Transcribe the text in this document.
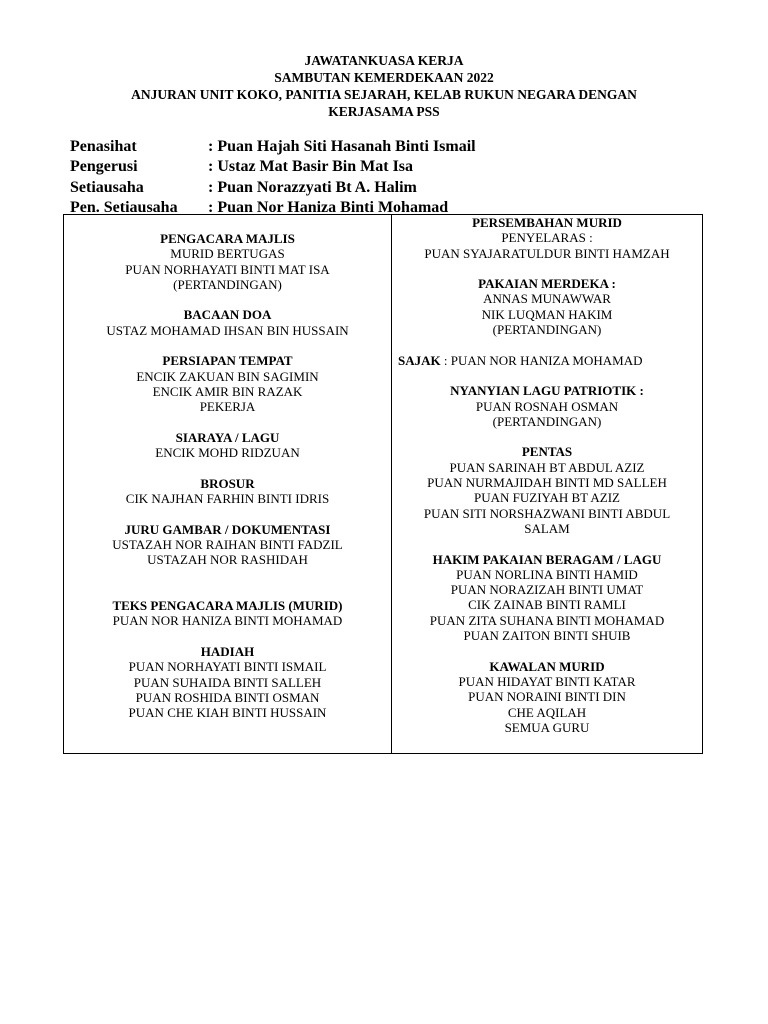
JAWATANKUASA KERJA
SAMBUTAN KEMERDEKAAN 2022
ANJURAN UNIT KOKO, PANITIA SEJARAH, KELAB RUKUN NEGARA DENGAN
KERJASAMA PSS
Penasihat	: Puan Hajah Siti Hasanah Binti Ismail
Pengerusi	: Ustaz Mat Basir Bin Mat Isa
Setiausaha	: Puan Norazzyati Bt A. Halim
Pen. Setiausaha	: Puan Nor Haniza Binti Mohamad
PENGACARA MAJLIS
MURID BERTUGAS
PUAN NORHAYATI BINTI MAT ISA
(PERTANDINGAN)
BACAAN DOA
USTAZ MOHAMAD IHSAN BIN HUSSAIN
PERSIAPAN TEMPAT
ENCIK ZAKUAN BIN SAGIMIN
ENCIK AMIR BIN RAZAK
PEKERJA
SIARAYA / LAGU
ENCIK MOHD RIDZUAN
BROSUR
CIK NAJHAN FARHIN BINTI IDRIS
JURU GAMBAR / DOKUMENTASI
USTAZAH NOR RAIHAN BINTI FADZIL
USTAZAH NOR RASHIDAH
TEKS PENGACARA MAJLIS (MURID)
PUAN NOR HANIZA BINTI MOHAMAD
HADIAH
PUAN NORHAYATI BINTI ISMAIL
PUAN SUHAIDA BINTI SALLEH
PUAN ROSHIDA BINTI OSMAN
PUAN CHE KIAH BINTI HUSSAIN
PERSEMBAHAN MURID
PENYELARAS :
PUAN SYAJARATULDUR BINTI HAMZAH
PAKAIAN MERDEKA :
ANNAS MUNAWWAR
NIK LUQMAN HAKIM
(PERTANDINGAN)
SAJAK : PUAN NOR HANIZA MOHAMAD
NYANYIAN LAGU PATRIOTIK :
PUAN ROSNAH OSMAN
(PERTANDINGAN)
PENTAS
PUAN SARINAH BT ABDUL AZIZ
PUAN NURMAJIDAH BINTI MD SALLEH
PUAN FUZIYAH BT AZIZ
PUAN SITI NORSHAZWANI BINTI ABDUL
SALAM
HAKIM PAKAIAN BERAGAM / LAGU
PUAN NORLINA BINTI HAMID
PUAN NORAZIZAH BINTI UMAT
CIK ZAINAB BINTI RAMLI
PUAN ZITA SUHANA BINTI MOHAMAD
PUAN ZAITON BINTI SHUIB
KAWALAN MURID
PUAN HIDAYAT BINTI KATAR
PUAN NORAINI BINTI DIN
CHE AQILAH
SEMUA GURU
